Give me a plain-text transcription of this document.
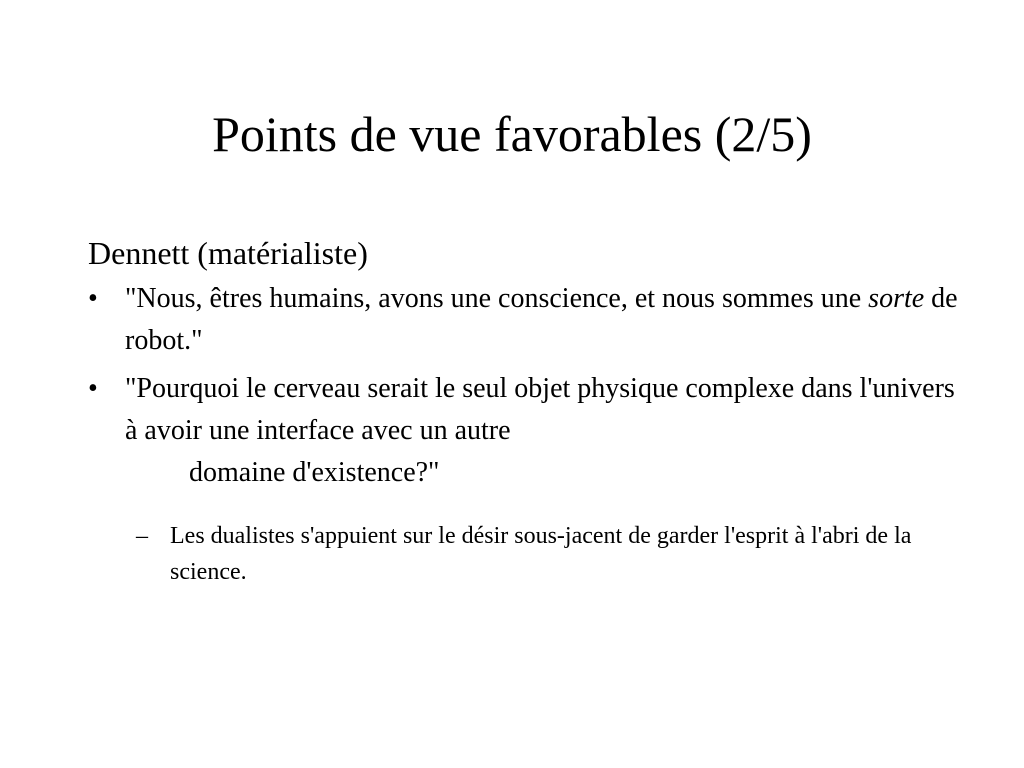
Points de vue favorables (2/5)

Dennett (matérialiste)

• "Nous, êtres humains, avons une conscience, et nous sommes une sorte de robot."

• "Pourquoi le cerveau serait le seul objet physique complexe dans l'univers à avoir une interface avec un autre
domaine d'existence?"

– Les dualistes s'appuient sur le désir sous-jacent de garder l'esprit à l'abri de la science.
